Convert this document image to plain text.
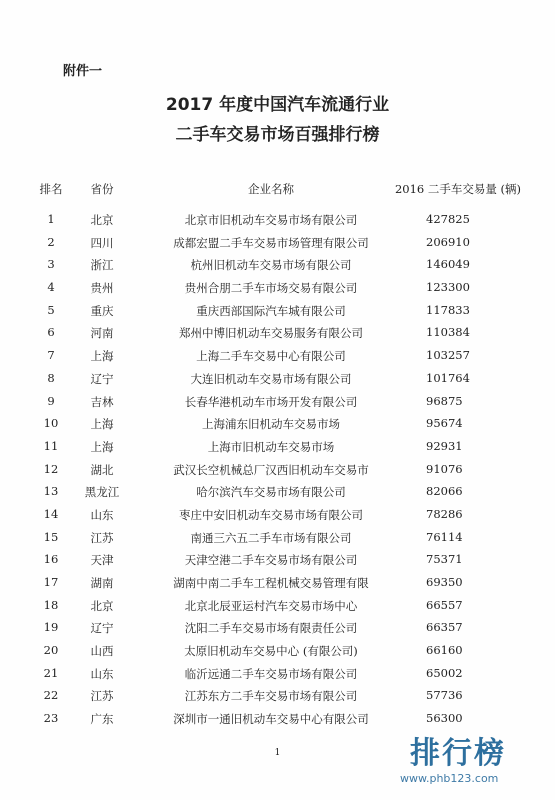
附件一
2017 年度中国汽车流通行业
二手车交易市场百强排行榜
排名	省份	企业名称	2016 二手车交易量 (辆)
1	北京	北京市旧机动车交易市场有限公司	427825
2	四川	成都宏盟二手车交易市场管理有限公司	206910
3	浙江	杭州旧机动车交易市场有限公司	146049
4	贵州	贵州合朋二手车市场交易有限公司	123300
5	重庆	重庆西部国际汽车城有限公司	117833
6	河南	郑州中博旧机动车交易服务有限公司	110384
7	上海	上海二手车交易中心有限公司	103257
8	辽宁	大连旧机动车交易市场有限公司	101764
9	吉林	长春华港机动车市场开发有限公司	96875
10	上海	上海浦东旧机动车交易市场	95674
11	上海	上海市旧机动车交易市场	92931
12	湖北	武汉长空机械总厂汉西旧机动车交易市	91076
13	黑龙江	哈尔滨汽车交易市场有限公司	82066
14	山东	枣庄中安旧机动车交易市场有限公司	78286
15	江苏	南通三六五二手车市场有限公司	76114
16	天津	天津空港二手车交易市场有限公司	75371
17	湖南	湖南中南二手车工程机械交易管理有限	69350
18	北京	北京北辰亚运村汽车交易市场中心	66557
19	辽宁	沈阳二手车交易市场有限责任公司	66357
20	山西	太原旧机动车交易中心 (有限公司)	66160
21	山东	临沂远通二手车交易市场有限公司	65002
22	江苏	江苏东方二手车交易市场有限公司	57736
23	广东	深圳市一通旧机动车交易中心有限公司	56300
1	排行榜
www.phb123.com
